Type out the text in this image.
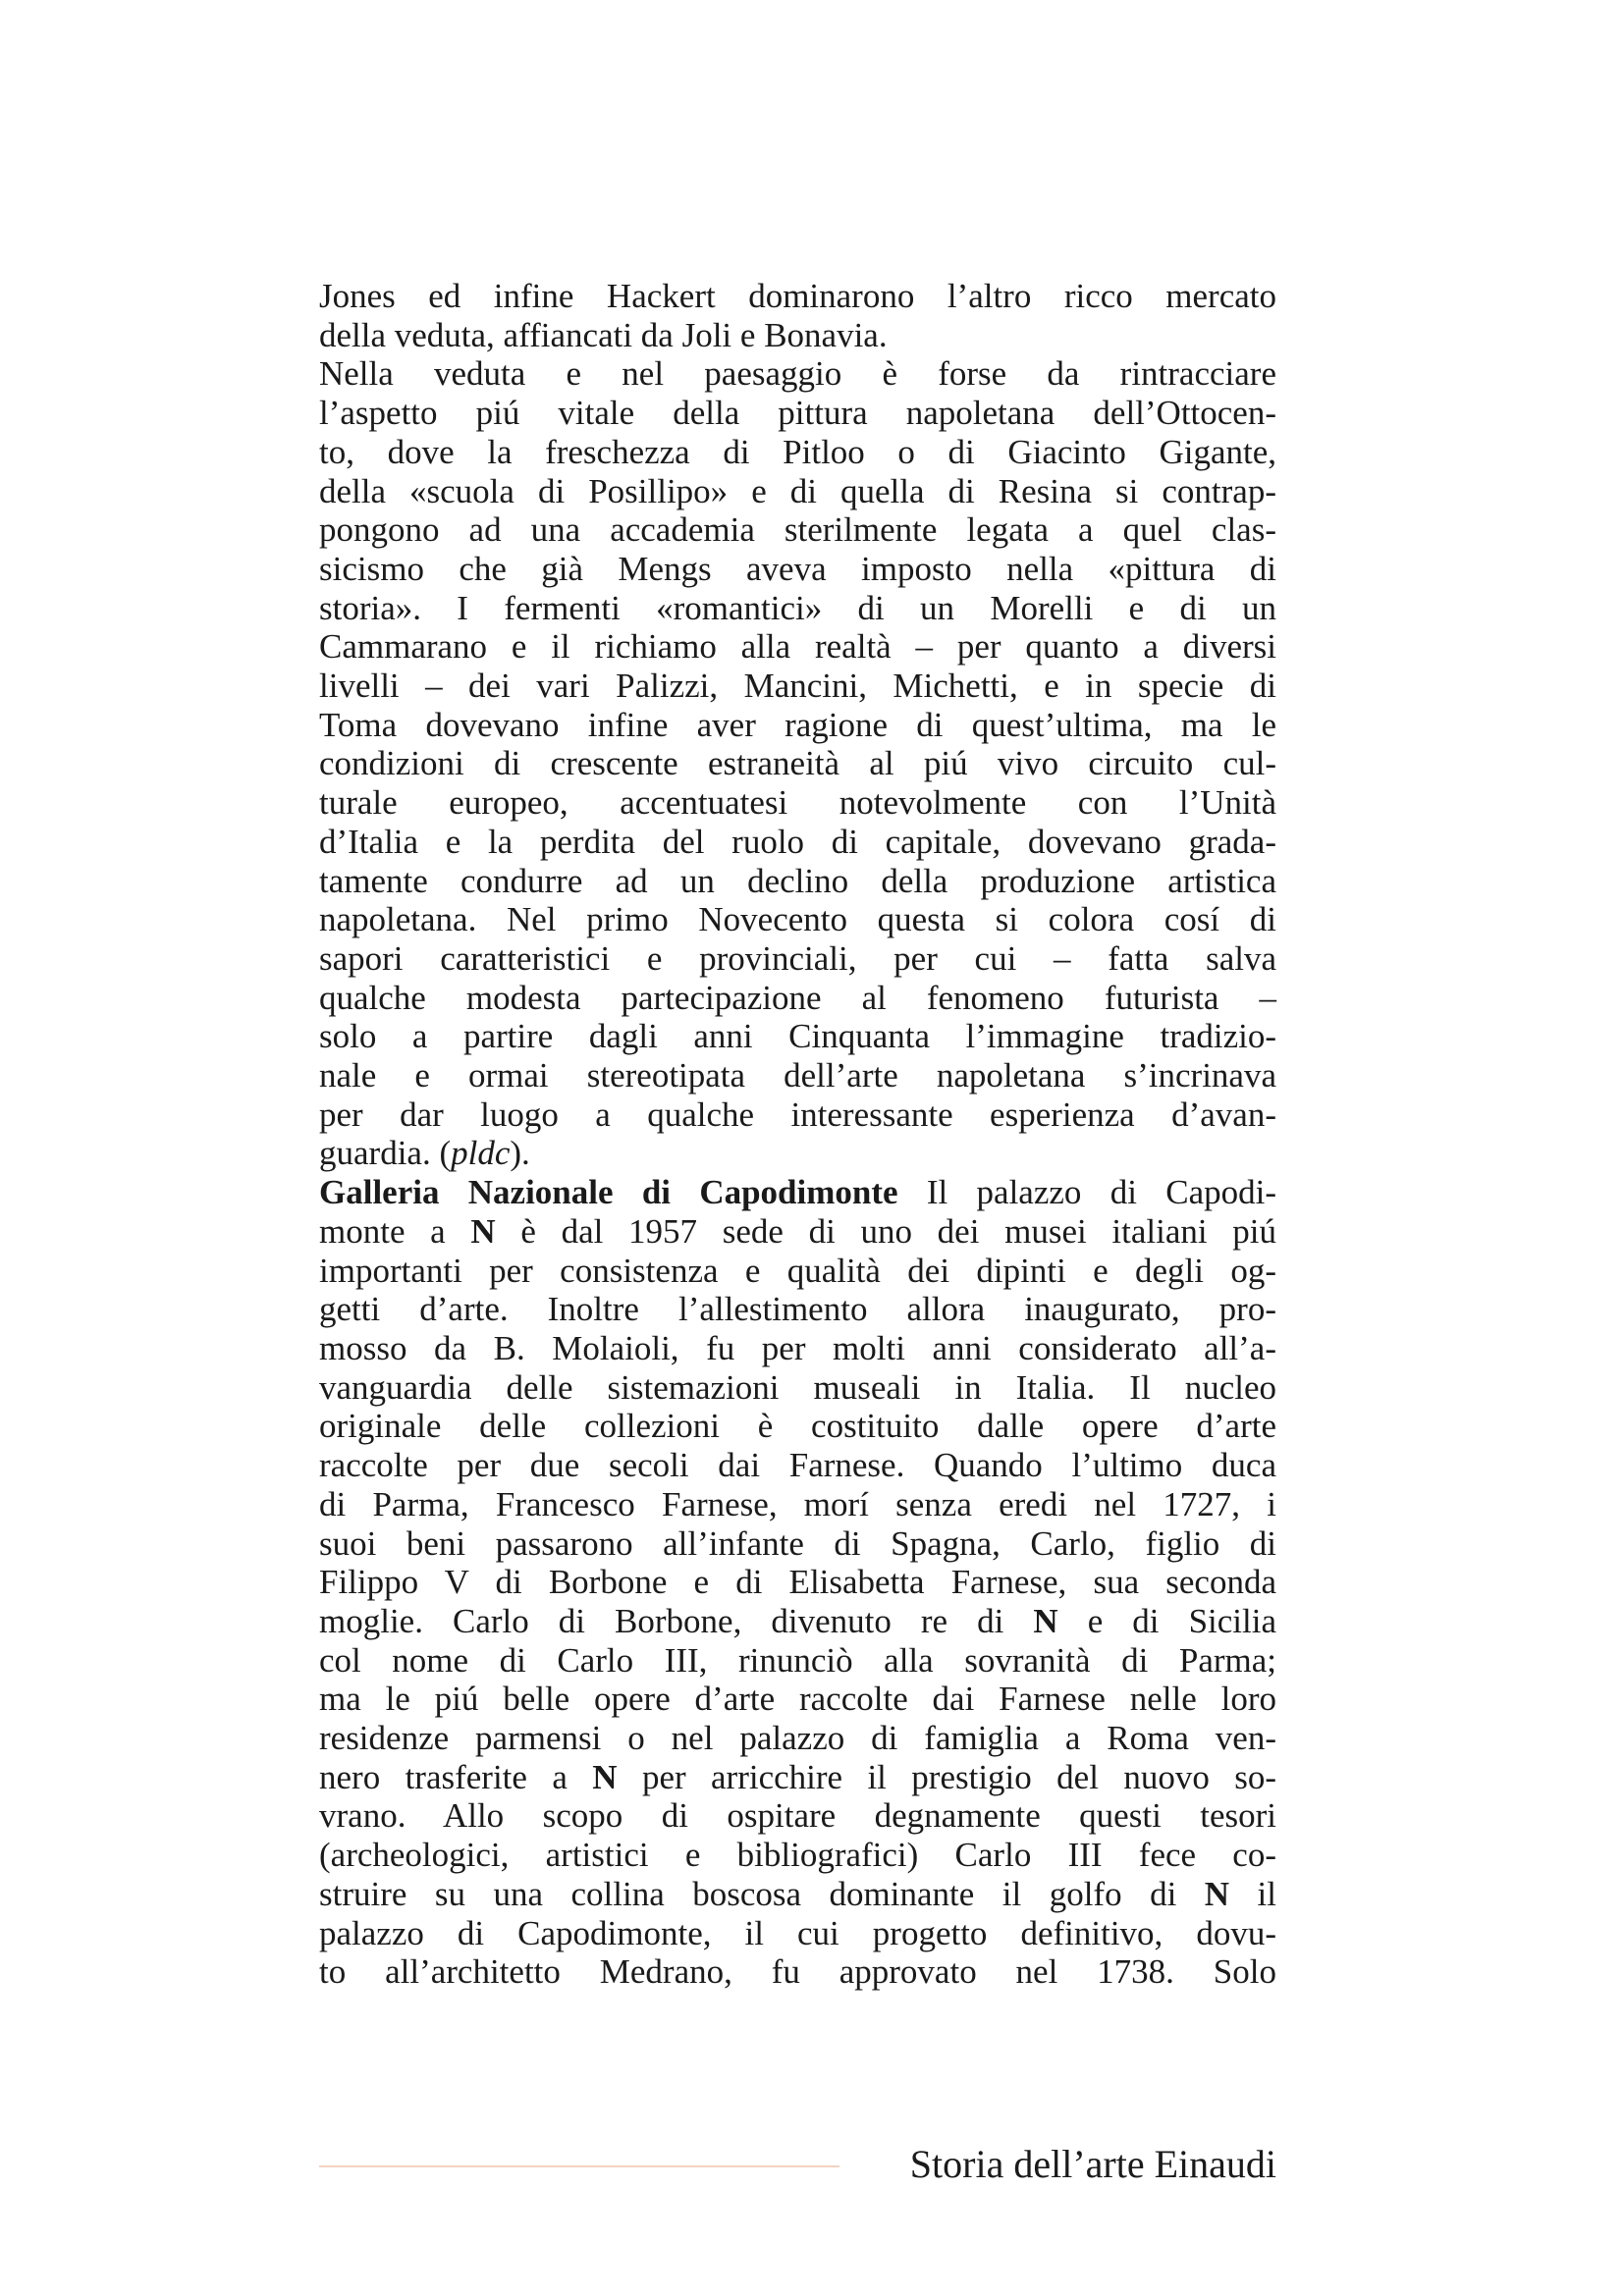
Jones ed infine Hackert dominarono l’altro ricco mercato
della veduta, affiancati da Joli e Bonavia.

Nella veduta e nel paesaggio è forse da rintracciare
l’aspetto piú vitale della pittura napoletana dell’Ottocen-
to, dove la freschezza di Pitloo o di Giacinto Gigante,
della «scuola di Posillipo» e di quella di Resina si contrap-
pongono ad una accademia sterilmente legata a quel clas-
sicismo che già Mengs aveva imposto nella «pittura di
storia». I fermenti «romantici» di un Morelli e di un
Cammarano e il richiamo alla realtà – per quanto a diversi
livelli – dei vari Palizzi, Mancini, Michetti, e in specie di
Toma dovevano infine aver ragione di quest’ultima, ma le
condizioni di crescente estraneità al piú vivo circuito cul-
turale europeo, accentuatesi notevolmente con l’Unità
d’Italia e la perdita del ruolo di capitale, dovevano grada-
tamente condurre ad un declino della produzione artistica
napoletana. Nel primo Novecento questa si colora cosí di
sapori caratteristici e provinciali, per cui – fatta salva
qualche modesta partecipazione al fenomeno futurista –
solo a partire dagli anni Cinquanta l’immagine tradizio-
nale e ormai stereotipata dell’arte napoletana s’incrinava
per dar luogo a qualche interessante esperienza d’avan-
guardia. (pldc).

Galleria Nazionale di Capodimonte Il palazzo di Capodi-
monte a N è dal 1957 sede di uno dei musei italiani piú
importanti per consistenza e qualità dei dipinti e degli og-
getti d’arte. Inoltre l’allestimento allora inaugurato, pro-
mosso da B. Molaioli, fu per molti anni considerato all’a-
vanguardia delle sistemazioni museali in Italia. Il nucleo
originale delle collezioni è costituito dalle opere d’arte
raccolte per due secoli dai Farnese. Quando l’ultimo duca
di Parma, Francesco Farnese, morí senza eredi nel 1727, i
suoi beni passarono all’infante di Spagna, Carlo, figlio di
Filippo V di Borbone e di Elisabetta Farnese, sua seconda
moglie. Carlo di Borbone, divenuto re di N e di Sicilia
col nome di Carlo III, rinunciò alla sovranità di Parma;
ma le piú belle opere d’arte raccolte dai Farnese nelle loro
residenze parmensi o nel palazzo di famiglia a Roma ven-
nero trasferite a N per arricchire il prestigio del nuovo so-
vrano. Allo scopo di ospitare degnamente questi tesori
(archeologici, artistici e bibliografici) Carlo III fece co-
struire su una collina boscosa dominante il golfo di N il
palazzo di Capodimonte, il cui progetto definitivo, dovu-
to all’architetto Medrano, fu approvato nel 1738. Solo

Storia dell’arte Einaudi
